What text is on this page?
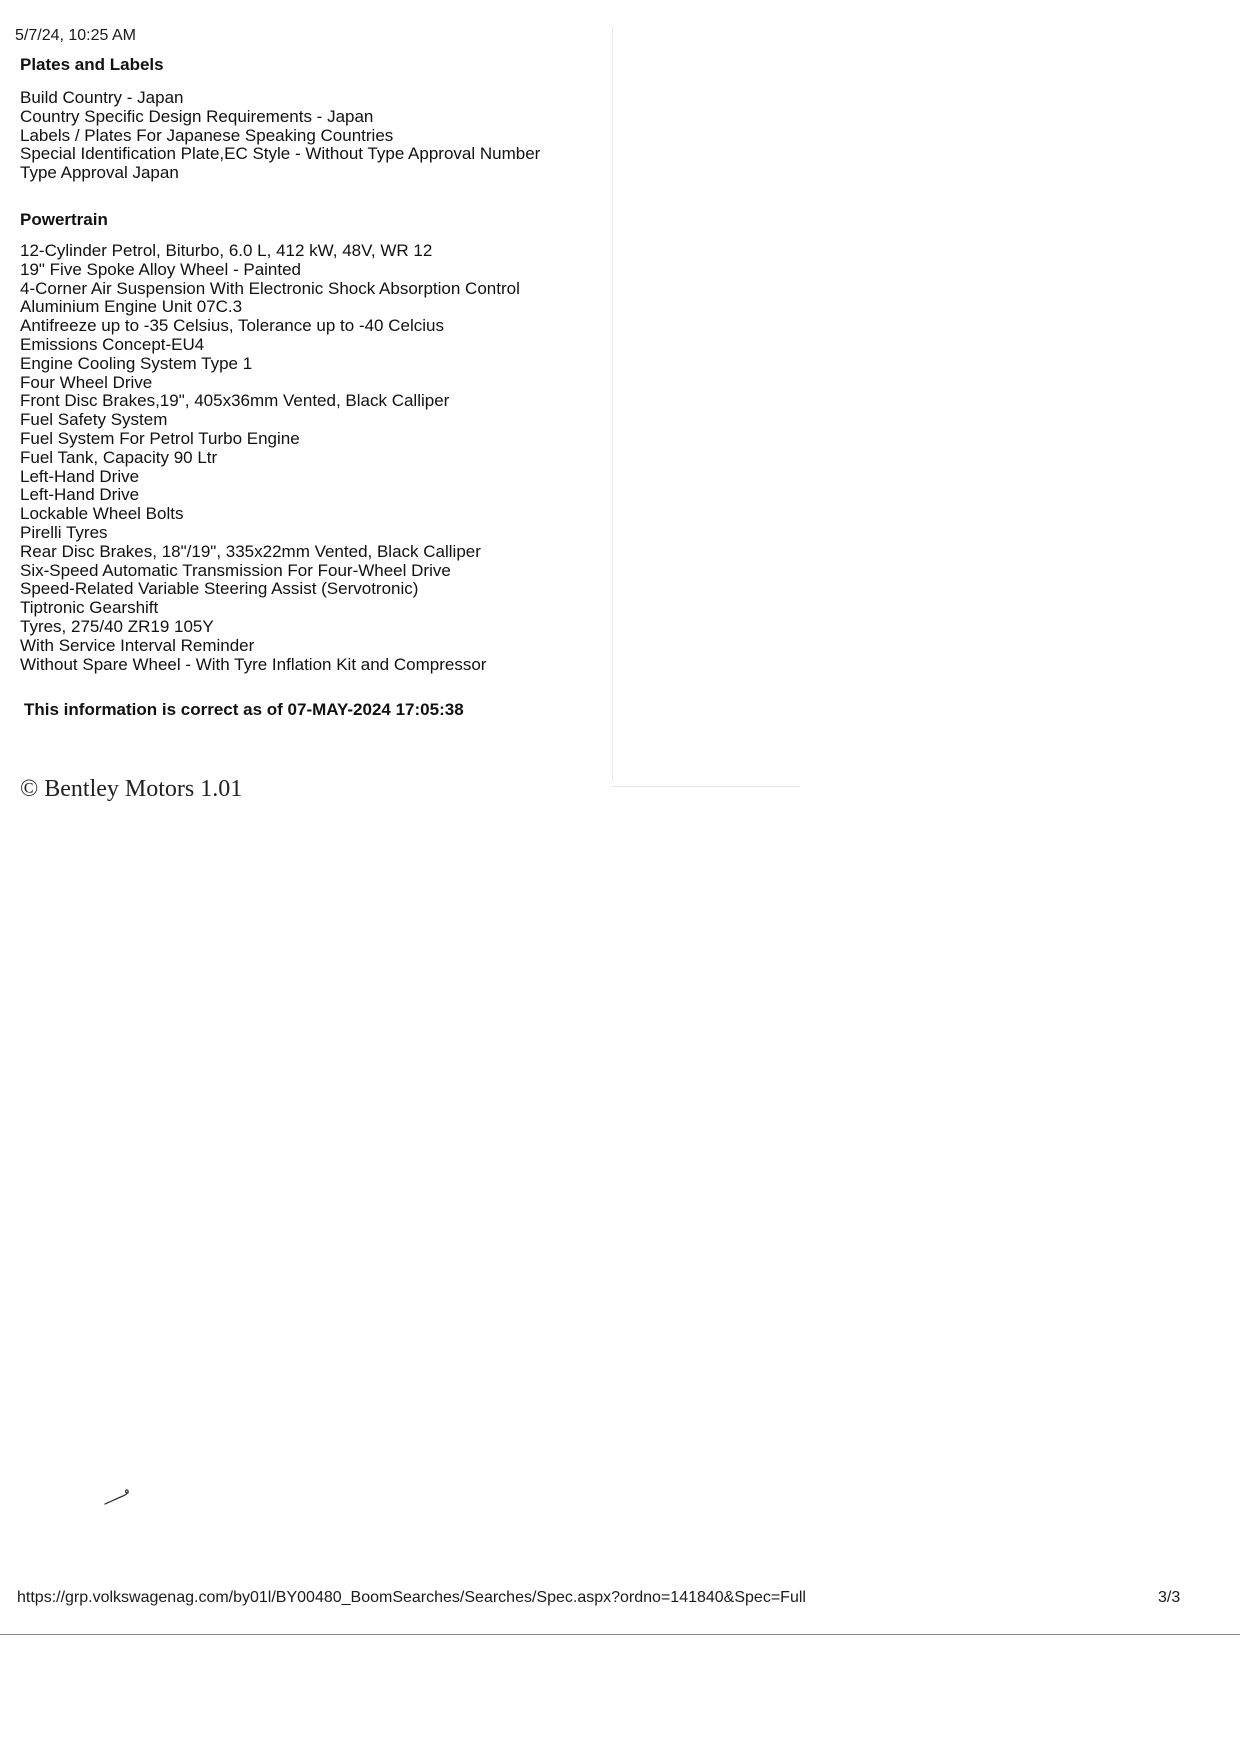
5/7/24, 10:25 AM
Plates and Labels
Build Country - Japan
Country Specific Design Requirements - Japan
Labels / Plates For Japanese Speaking Countries
Special Identification Plate,EC Style - Without Type Approval Number
Type Approval Japan
Powertrain
12-Cylinder Petrol, Biturbo, 6.0 L, 412 kW, 48V, WR 12
19" Five Spoke Alloy Wheel - Painted
4-Corner Air Suspension With Electronic Shock Absorption Control
Aluminium Engine Unit 07C.3
Antifreeze up to -35 Celsius, Tolerance up to -40 Celcius
Emissions Concept-EU4
Engine Cooling System Type 1
Four Wheel Drive
Front Disc Brakes,19", 405x36mm Vented, Black Calliper
Fuel Safety System
Fuel System For Petrol Turbo Engine
Fuel Tank, Capacity 90 Ltr
Left-Hand Drive
Left-Hand Drive
Lockable Wheel Bolts
Pirelli Tyres
Rear Disc Brakes, 18"/19", 335x22mm Vented, Black Calliper
Six-Speed Automatic Transmission For Four-Wheel Drive
Speed-Related Variable Steering Assist (Servotronic)
Tiptronic Gearshift
Tyres, 275/40 ZR19 105Y
With Service Interval Reminder
Without Spare Wheel - With Tyre Inflation Kit and Compressor
This information is correct as of 07-MAY-2024 17:05:38
© Bentley Motors 1.01
https://grp.volkswagenag.com/by01l/BY00480_BoomSearches/Searches/Spec.aspx?ordno=141840&Spec=Full	3/3
